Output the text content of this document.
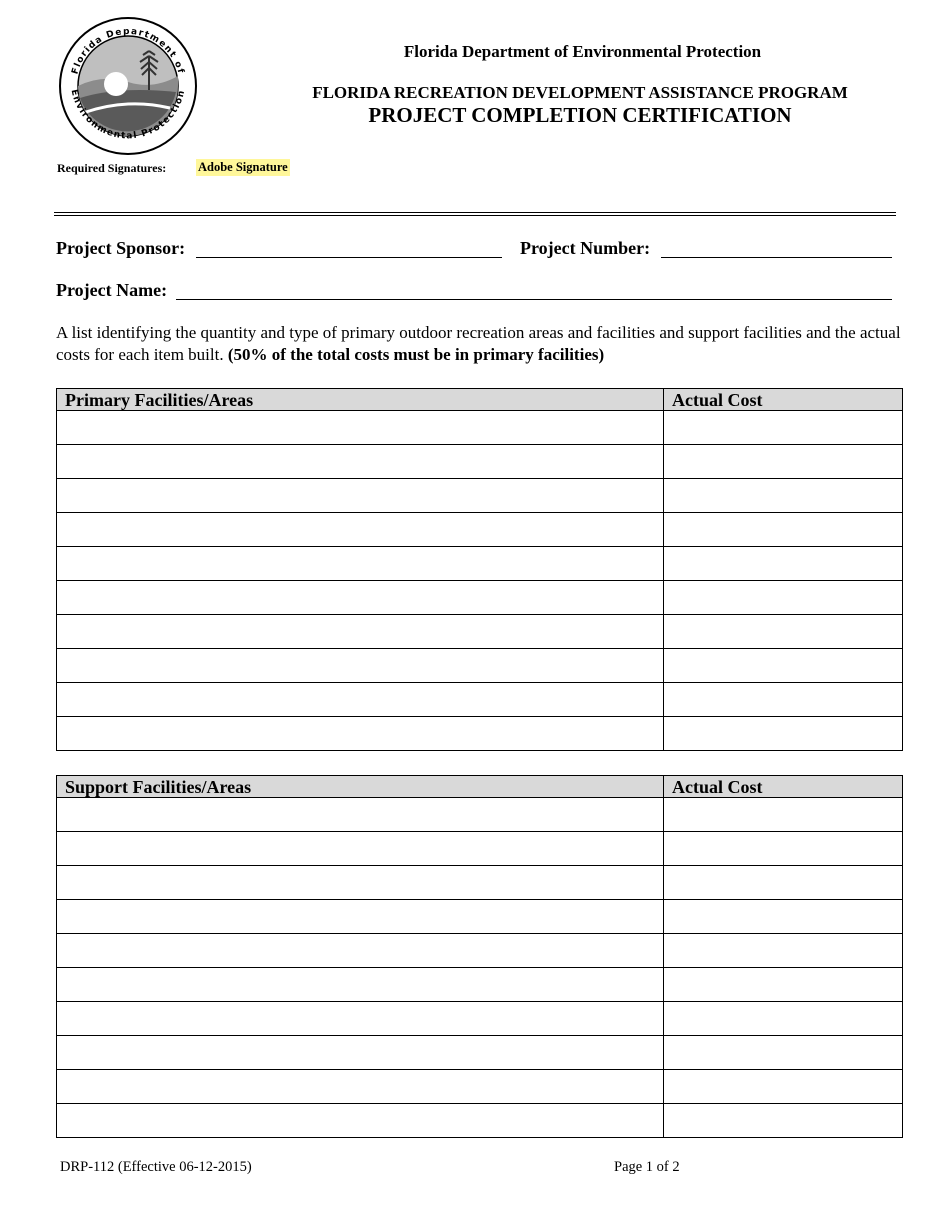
Florida Department of
Environmental Protection
Florida Department of Environmental Protection
FLORIDA RECREATION DEVELOPMENT ASSISTANCE PROGRAM
PROJECT COMPLETION CERTIFICATION
Required Signatures:	Adobe Signature
Project Sponsor:	Project Number:
Project Name:
A list identifying the quantity and type of primary outdoor recreation areas and facilities and support facilities and the actual costs for each item built. (50% of the total costs must be in primary facilities)
Primary Facilities/Areas	Actual Cost

Support Facilities/Areas	Actual Cost

DRP-112 (Effective 06-12-2015)	Page 1 of 2
